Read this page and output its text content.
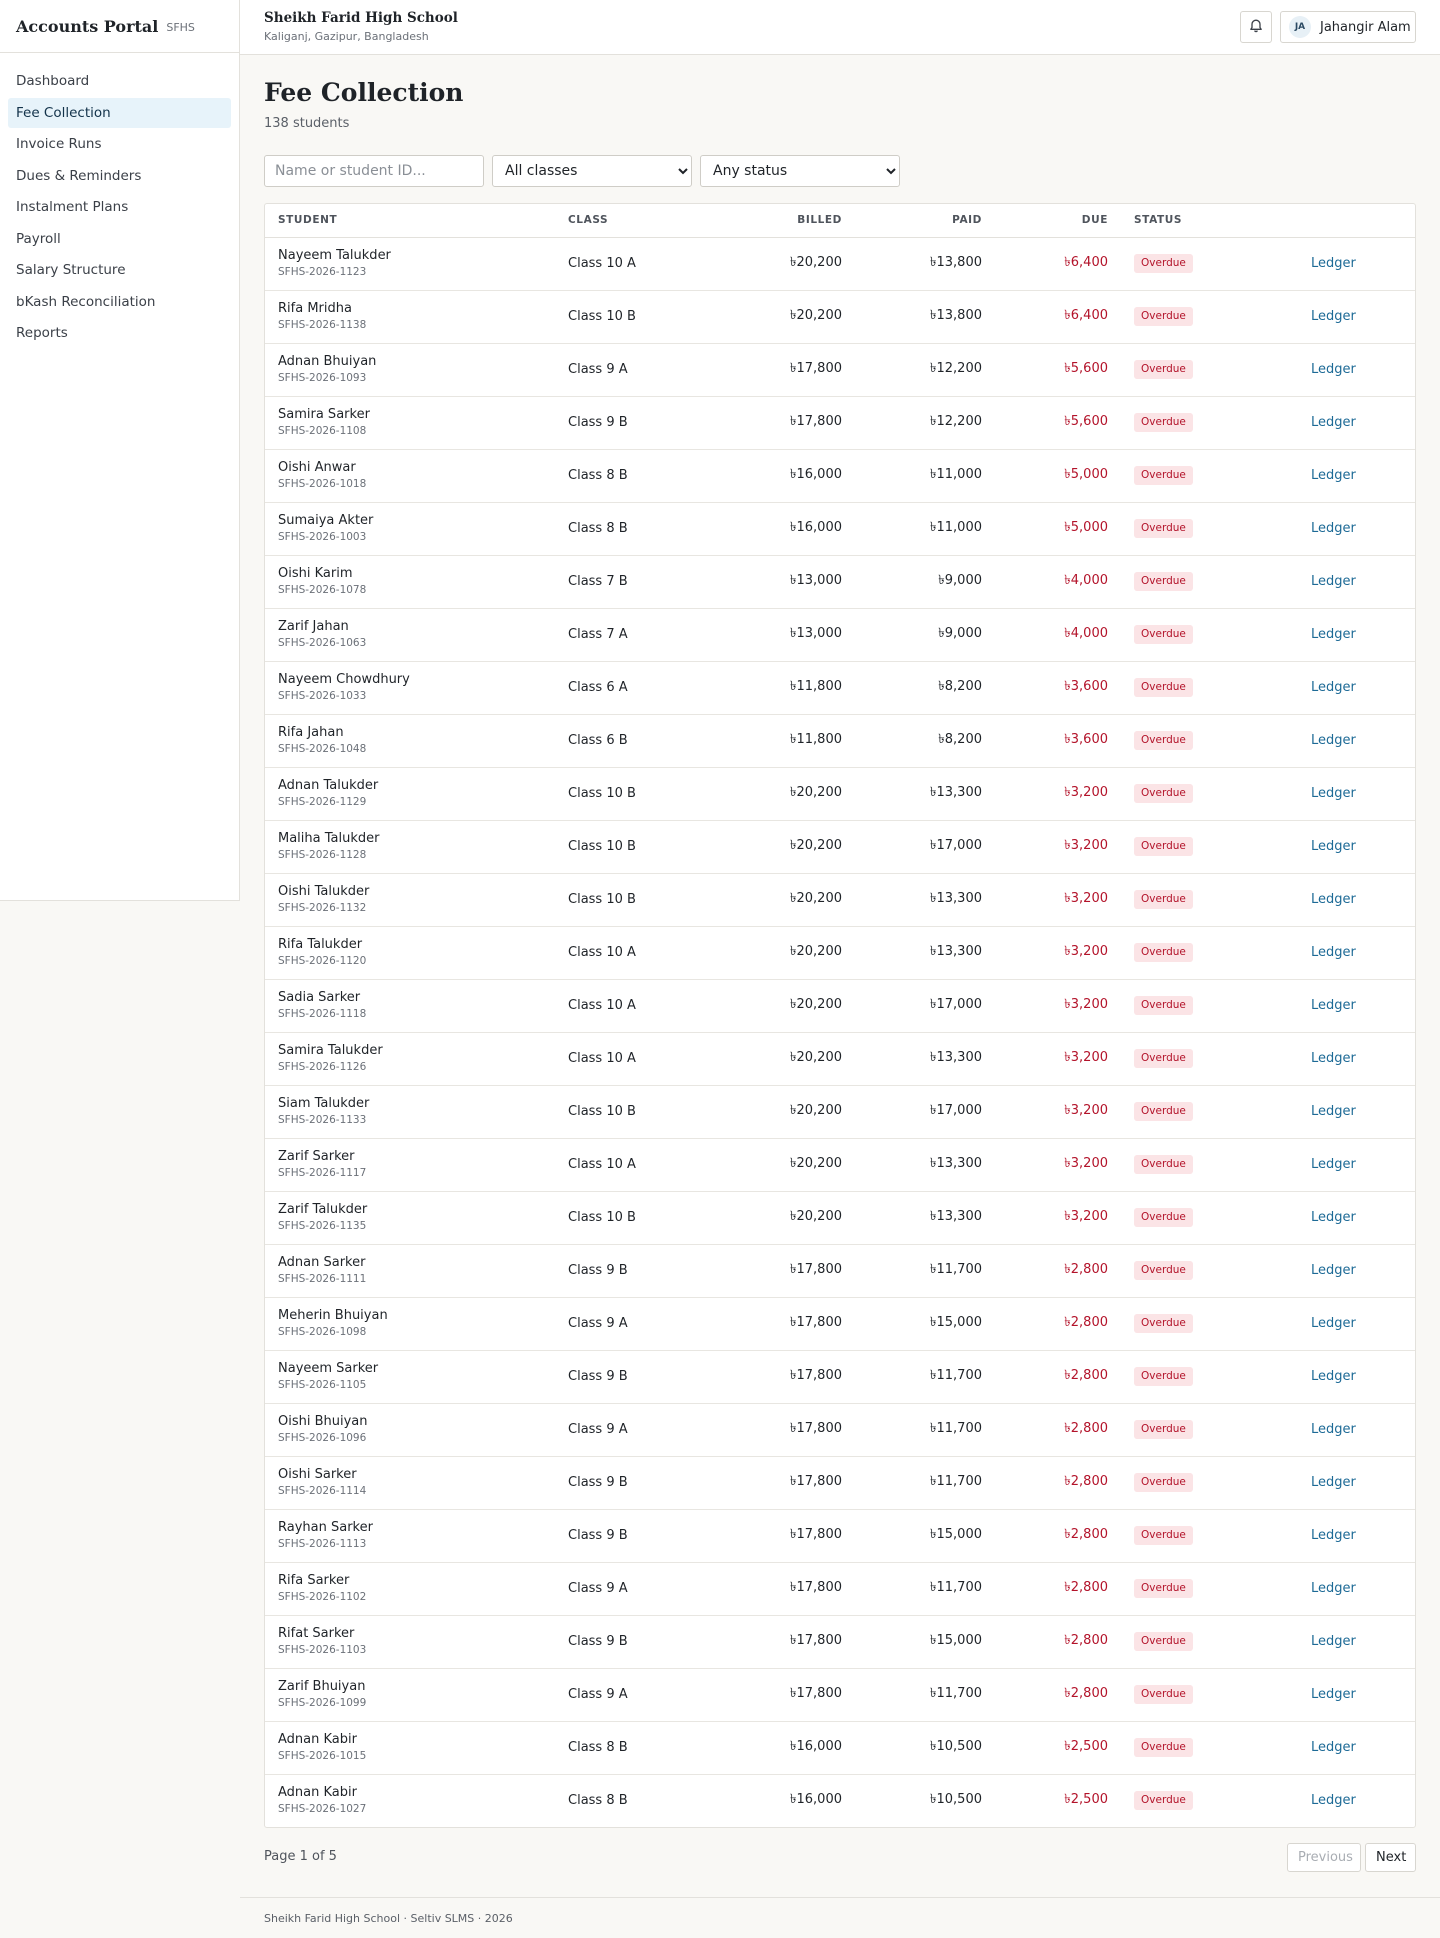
Accounts Portal SFHS
Dashboard
Fee Collection
Invoice Runs
Dues & Reminders
Instalment Plans
Payroll
Salary Structure
bKash Reconciliation
Reports
Sheikh Farid High School
Kaliganj, Gazipur, Bangladesh
JA	Jahangir Alam
Fee Collection
138 students
Name or student ID...
All classes
Any status
STUDENT	CLASS	BILLED	PAID	DUE	STATUS	

Nayeem Talukder
SFHS-2026-1123	Class 10 A	৳20,200	৳13,800	৳6,400	Overdue	Ledger

Rifa Mridha
SFHS-2026-1138	Class 10 B	৳20,200	৳13,800	৳6,400	Overdue	Ledger

Adnan Bhuiyan
SFHS-2026-1093	Class 9 A	৳17,800	৳12,200	৳5,600	Overdue	Ledger

Samira Sarker
SFHS-2026-1108	Class 9 B	৳17,800	৳12,200	৳5,600	Overdue	Ledger

Oishi Anwar
SFHS-2026-1018	Class 8 B	৳16,000	৳11,000	৳5,000	Overdue	Ledger

Sumaiya Akter
SFHS-2026-1003	Class 8 B	৳16,000	৳11,000	৳5,000	Overdue	Ledger

Oishi Karim
SFHS-2026-1078	Class 7 B	৳13,000	৳9,000	৳4,000	Overdue	Ledger

Zarif Jahan
SFHS-2026-1063	Class 7 A	৳13,000	৳9,000	৳4,000	Overdue	Ledger

Nayeem Chowdhury
SFHS-2026-1033	Class 6 A	৳11,800	৳8,200	৳3,600	Overdue	Ledger

Rifa Jahan
SFHS-2026-1048	Class 6 B	৳11,800	৳8,200	৳3,600	Overdue	Ledger

Adnan Talukder
SFHS-2026-1129	Class 10 B	৳20,200	৳13,300	৳3,200	Overdue	Ledger

Maliha Talukder
SFHS-2026-1128	Class 10 B	৳20,200	৳17,000	৳3,200	Overdue	Ledger

Oishi Talukder
SFHS-2026-1132	Class 10 B	৳20,200	৳13,300	৳3,200	Overdue	Ledger

Rifa Talukder
SFHS-2026-1120	Class 10 A	৳20,200	৳13,300	৳3,200	Overdue	Ledger

Sadia Sarker
SFHS-2026-1118	Class 10 A	৳20,200	৳17,000	৳3,200	Overdue	Ledger

Samira Talukder
SFHS-2026-1126	Class 10 A	৳20,200	৳13,300	৳3,200	Overdue	Ledger

Siam Talukder
SFHS-2026-1133	Class 10 B	৳20,200	৳17,000	৳3,200	Overdue	Ledger

Zarif Sarker
SFHS-2026-1117	Class 10 A	৳20,200	৳13,300	৳3,200	Overdue	Ledger

Zarif Talukder
SFHS-2026-1135	Class 10 B	৳20,200	৳13,300	৳3,200	Overdue	Ledger

Adnan Sarker
SFHS-2026-1111	Class 9 B	৳17,800	৳11,700	৳2,800	Overdue	Ledger

Meherin Bhuiyan
SFHS-2026-1098	Class 9 A	৳17,800	৳15,000	৳2,800	Overdue	Ledger

Nayeem Sarker
SFHS-2026-1105	Class 9 B	৳17,800	৳11,700	৳2,800	Overdue	Ledger

Oishi Bhuiyan
SFHS-2026-1096	Class 9 A	৳17,800	৳11,700	৳2,800	Overdue	Ledger

Oishi Sarker
SFHS-2026-1114	Class 9 B	৳17,800	৳11,700	৳2,800	Overdue	Ledger

Rayhan Sarker
SFHS-2026-1113	Class 9 B	৳17,800	৳15,000	৳2,800	Overdue	Ledger

Rifa Sarker
SFHS-2026-1102	Class 9 A	৳17,800	৳11,700	৳2,800	Overdue	Ledger

Rifat Sarker
SFHS-2026-1103	Class 9 B	৳17,800	৳15,000	৳2,800	Overdue	Ledger

Zarif Bhuiyan
SFHS-2026-1099	Class 9 A	৳17,800	৳11,700	৳2,800	Overdue	Ledger

Adnan Kabir
SFHS-2026-1015	Class 8 B	৳16,000	৳10,500	৳2,500	Overdue	Ledger

Adnan Kabir
SFHS-2026-1027	Class 8 B	৳16,000	৳10,500	৳2,500	Overdue	Ledger
Page 1 of 5	Previous	Next
Sheikh Farid High School · Seltiv SLMS · 2026
